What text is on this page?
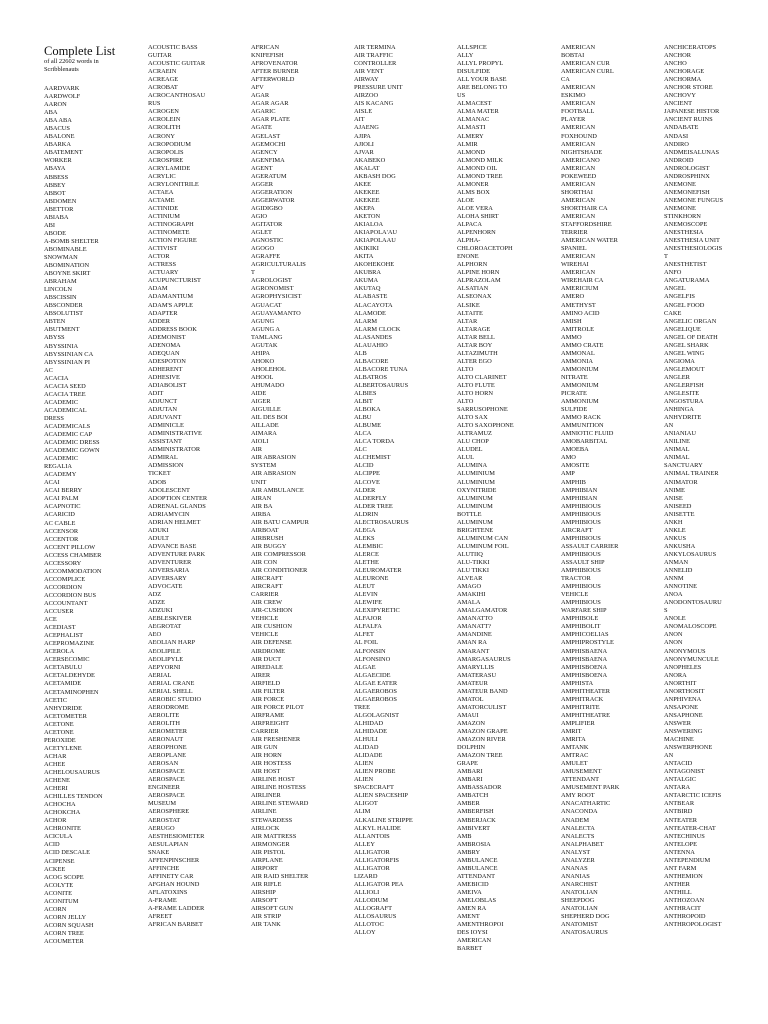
Complete List
of all 22602 words in
Scribblenauts
AARDVARK
AARDWOLF
AARON
ABA
ABA ABA
ABACUS
ABALONE
ABARKA
ABATEMENT
WORKER
ABAYA
ABBESS
ABBEY
ABBOT
ABDOMEN
ABETTOR
ABIABA
ABI
ABODE
A-BOMB SHELTER
ABOMINABLE
SNOWMAN
ABOMINATION
ABOYNE SKIRT
ABRAHAM
LINCOLN
ABSCISSIN
ABSCONDER
ABSOLUTIST
ABTEN
ABUTMENT
ABYSS
ABYSSINIA
ABYSSINIAN CA
ABYSSINIAN PI
AC
ACACIA
ACACIA SEED
ACACIA TREE
ACADEMIC
ACADEMICAL
DRESS
ACADEMICALS
ACADEMIC CAP
ACADEMIC DRESS
ACADEMIC GOWN
ACADEMIC
REGALIA
ACADEMY
ACAI
ACAI BERRY
ACAI PALM
ACAPNOTIC
ACARICID
AC CABLE
ACCENSOR
ACCENTOR
ACCENT PILLOW
ACCESS CHAMBER
ACCESSORY
ACCOMMODATION
ACCOMPLICE
ACCORDION
ACCORDION BUS
ACCOUNTANT
ACCUSER
ACE
ACEDIAST
ACEPHALIST
ACEPROMAZINE
ACEROLA
ACERSECOMIC
ACETABULU
ACETALDEHYDE
ACETAMIDE
ACETAMINOPHEN
ACETIC
ANHYDRIDE
ACETOMETER
ACETONE
ACETONE
PEROXIDE
ACETYLENE
ACHAR
ACHEE
ACHELOUSAURUS
ACHENE
ACHERI
ACHILLES TENDON
ACHOCHA
ACHOKCHA
ACHOR
ACHRONITE
ACICULA
ACID
ACID DESCALE
ACIPENSE
ACKEE
ACOG SCOPE
ACOLYTE
ACONITE
ACONITUM
ACORN
ACORN JELLY
ACORN SQUASH
ACORN TREE
ACOUMETER
ACOUSTIC BASS
GUITAR
ACOUSTIC GUITAR
ACRAEIN
ACREAGE
ACROBAT
ACROCANTHOSAU
RUS
ACROGEN
ACROLEIN
ACROLITH
ACRONY
ACROPODIUM
ACROPOLIS
ACROSPIRE
ACRYLAMIDE
ACRYLIC
ACRYLONITRILE
ACTAEA
ACTAME
ACTINIDE
ACTINIUM
ACTINOGRAPH
ACTINOMETE
ACTION FIGURE
ACTIVIST
ACTOR
ACTRESS
ACTUARY
ACUPUNCTURIST
ADAM
ADAMANTIUM
ADAM'S APPLE
ADAPTER
ADDER
ADDRESS BOOK
ADEMONIST
ADENOMA
ADEQUAN
ADESPOTON
ADHERENT
ADHESIVE
ADIABOLIST
ADIT
ADJUNCT
ADJUTAN
ADJUVANT
ADMINICLE
ADMINISTRATIVE
ASSISTANT
ADMINISTRATOR
ADMIRAL
ADMISSION
TICKET
ADOB
ADOLESCENT
ADOPTION CENTER
ADRENAL GLANDS
ADRIAMYCIN
ADRIAN HELMET
ADUKI
ADULT
ADVANCE BASE
ADVENTURE PARK
ADVENTURER
ADVERSARIA
ADVERSARY
ADVOCATE
ADZ
ADZE
ADZUKI
AEBLESKIVER
AEGROTAT
AEO
AEOLIAN HARP
AEOLIPILE
AEOLIPYLE
AEPYORNI
AERIAL
AERIAL CRANE
AERIAL SHELL
AEROBIC STUDIO
AERODROME
AEROLITE
AEROLITH
AEROMETER
AERONAUT
AEROPHONE
AEROPLANE
AEROSAN
AEROSPACE
AEROSPACE
ENGINEER
AEROSPACE
MUSEUM
AEROSPHERE
AEROSTAT
AERUGO
AESTHESIOMETER
AESULAPIAN
SNAKE
AFFENPINSCHER
AFFINCHE
AFFINETY CAR
AFGHAN HOUND
AFLATOXINS
A-FRAME
A-FRAME LADDER
AFREET
AFRICAN BARBET
AFRICAN
KNIFEFISH
AFROVENATOR
AFTER BURNER
AFTERWORLD
AFV
AGAR
AGAR AGAR
AGARIC
AGAR PLATE
AGATE
AGELAST
AGEMOCHI
AGENCY
AGENFIMA
AGENT
AGERATUM
AGGER
AGGERATION
AGGERWATOR
AGIDIGBO
AGIO
AGITATOR
AGLET
AGNOSTIC
AGOGO
AGRAFFE
AGRICULTURALIS
T
AGROLOGIST
AGRONOMIST
AGROPHYSICIST
AGUACAT
AGUAYAMANTO
AGUNG
AGUNG A
TAMLANG
AGUTAK
AHIPA
AHOKO
AHOLEHOL
AHOOL
AHUMADO
AIDE
AIGER
AIGUILLE
AIL DES BOI
AILLADE
AIMARA
AIOLI
AIR
AIR ABRASION
SYSTEM
AIR ABRASION
UNIT
AIR AMBULANCE
AIRAN
AIR BA
AIRBA
AIR BATU CAMPUR
AIRBOAT
AIRBRUSH
AIR BUGGY
AIR COMPRESSOR
AIR CON
AIR CONDITIONER
AIRCRAFT
AIRCRAFT
CARRIER
AIR CREW
AIR-CUSHION
VEHICLE
AIR CUSHION
VEHICLE
AIR DEFENSE
AIRDROME
AIR DUCT
AIREDALE
AIRER
AIRFIELD
AIR FILTER
AIR FORCE
AIR FORCE PILOT
AIRFRAME
AIRFREIGHT
CARRIER
AIR FRESHENER
AIR GUN
AIR HORN
AIR HOSTESS
AIR HOST
AIRLINE HOST
AIRLINE HOSTESS
AIRLINER
AIRLINE STEWARD
AIRLINE
STEWARDESS
AIRLOCK
AIR MATTRESS
AIRMONGER
AIR PISTOL
AIRPLANE
AIRPORT
AIR RAID SHELTER
AIR RIFLE
AIRSHIP
AIRSOFT
AIRSOFT GUN
AIR STRIP
AIR TANK
AIR TERMINA
AIR TRAFFIC
CONTROLLER
AIR VENT
AIRWAY
PRESSURE UNIT
AIRZOO
AIS KACANG
AISLE
AIT
AJAENG
AJIPA
AJIOLI
AJVAR
AKABEKO
AKALAT
AKBASH DOG
AKEE
AKEKEE
AKEKEE
AKEPA
AKETON
AKIALOA
AKIAPOLA'AU
AKIAPOLAAU
AKIKIKI
AKITA
AKOHEKOHE
AKUBRA
AKUMA
AKUTAQ
ALABASTE
ALACAYOTA
ALAMODE
ALARM
ALARM CLOCK
ALASANDES
ALAUAHIO
ALB
ALBACORE
ALBACORE TUNA
ALBATROS
ALBERTOSAURUS
ALBIES
ALBIT
ALBOKA
ALBU
ALBUME
ALCA
ALCA TORDA
ALC
ALCHEMIST
ALCID
ALCIPPE
ALCOVE
ALDER
ALDERFLY
ALDER TREE
ALDRIN
ALECTROSAURUS
ALEGA
ALEKS
ALEMBIC
ALERCE
ALETHE
ALEUROMATER
ALEURONE
ALEUT
ALEVIN
ALEWIFE
ALEXIPYRETIC
ALFAJOR
ALFALFA
ALFET
AL FOIL
ALFONSIN
ALFONSINO
ALGAE
ALGAECIDE
ALGAE EATER
ALGAEROBOS
ALGAEROBOS
TREE
ALGOLAGNIST
ALHIDAD
ALHIDADE
ALHULI
ALIDAD
ALIDADE
ALIEN
ALIEN PROBE
ALIEN
SPACECRAFT
ALIEN SPACESHIP
ALIGOT
ALIM
ALKALINE STRIPPE
ALKYL HALIDE
ALLANTOIS
ALLEY
ALLIGATOR
ALLIGATORFIS
ALLIGATOR
LIZARD
ALLIGATOR PEA
ALLIOLI
ALLODIUM
ALLOGRAFT
ALLOSAURUS
ALLOTOC
ALLOY
ALLSPICE
ALLY
ALLYL PROPYL
DISULFIDE
ALL YOUR BASE
ARE BELONG TO
US
ALMACEST
ALMA MATER
ALMANAC
ALMASTI
ALMERY
ALMIR
ALMOND
ALMOND MILK
ALMOND OIL
ALMOND TREE
ALMONER
ALMS BOX
ALOE
ALOE VERA
ALOHA SHIRT
ALPACA
ALPENHORN
ALPHA-
CHLOROACETOPH
ENONE
ALPHORN
ALPINE HORN
ALPRAZOLAM
ALSATIAN
ALSEONAX
ALSIKE
ALTAITE
ALTAR
ALTARAGE
ALTAR BELL
ALTAR BOY
ALTAZIMUTH
ALTER EGO
ALTO
ALTO CLARINET
ALTO FLUTE
ALTO HORN
ALTO
SARRUSOPHONE
ALTO SAX
ALTO SAXOPHONE
ALTRAMUZ
ALU CHOP
ALUDEL
ALUL
ALUMINA
ALUMINIUM
ALUMINIUM
OXYNITRIDE
ALUMINUM
ALUMINUM
BOTTLE
ALUMINUM
BRIGHTENE
ALUMINUM CAN
ALUMINUM FOIL
ALUTIIQ
ALU-TIKKI
ALU TIKKI
ALVEAR
AMAGO
AMAKIHI
AMALA
AMALGAMATOR
AMANATTO
AMANATT?
AMANDINE
AMAN RA
AMARANT
AMARGASAURUS
AMARYLLIS
AMATERASU
AMATEUR
AMATEUR BAND
AMATOL
AMATORCULIST
AMAUI
AMAZON
AMAZON GRAPE
AMAZON RIVER
DOLPHIN
AMAZON TREE
GRAPE
AMBARI
AMBARI
AMBASSADOR
AMBATCH
AMBER
AMBERFISH
AMBERJACK
AMBIVERT
AMB
AMBROSIA
AMBRY
AMBULANCE
AMBULANCE
ATTENDANT
AMEBICID
AMEIVA
AMELOBLAS
AMEN RA
AMENT
AMENTHROPOI
DES IOYSI
AMERICAN
BARBET
AMERICAN
BOBTAI
AMERICAN CUR
AMERICAN CURL
CA
AMERICAN
ESKIMO
AMERICAN
FOOTBALL
PLAYER
AMERICAN
FOXHOUND
AMERICAN
NIGHTSHADE
AMERICANO
AMERICAN
POKEWEED
AMERICAN
SHORTHAI
AMERICAN
SHORTHAIR CA
AMERICAN
STAFFORDSHIRE
TERRIER
AMERICAN WATER
SPANIEL
AMERICAN
WIREHAI
AMERICAN
WIREHAIR CA
AMERICIUM
AMERO
AMETHYST
AMINO ACID
AMISH
AMITROLE
AMMO
AMMO CRATE
AMMONAL
AMMONIA
AMMONIUM
NITRATE
AMMONIUM
PICRATE
AMMONIUM
SULFIDE
AMMO RACK
AMMUNITION
AMNIOTIC FLUID
AMOBARBITAL
AMOEBA
AMO
AMOSITE
AMP
AMPHIB
AMPHIBIAN
AMPHIBIAN
AMPHIBIOUS
AMPHIBIOUS
AMPHIBIOUS
AIRCRAFT
AMPHIBIOUS
ASSAULT CARRIER
AMPHIBIOUS
ASSAULT SHIP
AMPHIBIOUS
TRACTOR
AMPHIBIOUS
VEHICLE
AMPHIBIOUS
WARFARE SHIP
AMPHIBOLE
AMPHIBOLIT
AMPHICOELIAS
AMPHIPROSTYLE
AMPHISBAENA
AMPHISBAENA
AMPHISBOENA
AMPHISBOENA
AMPHISTA
AMPHITHEATER
AMPHITRACK
AMPHITRITE
AMPHITHEATRE
AMPLIFIER
AMRIT
AMRITA
AMTANK
AMTRAC
AMULET
AMUSEMENT
ATTENDANT
AMUSEMENT PARK
AMY ROOT
ANACATHARTIC
ANACONDA
ANADEM
ANALECTA
ANALECTS
ANALPHABET
ANALYST
ANALYZER
ANANAS
ANANIAS
ANARCHIST
ANATOLIAN
SHEEPDOG
ANATOLIAN
SHEPHERD DOG
ANATOMIST
ANATOSAURUS
ANCHICERATOPS
ANCHOR
ANCHO
ANCHORAGE
ANCHORMA
ANCHOR STORE
ANCHOVY
ANCIENT
JAPANESE HISTOR
ANCIENT RUINS
ANDABATE
ANDASI
ANDIRO
ANDMEISALUNAS
ANDROID
ANDROLOGIST
ANDROSPHINX
ANEMONE
ANEMONEFISH
ANEMONE FUNGUS
ANEMONE
STINKHORN
ANEMOSCOPE
ANESTHESIA
ANESTHESIA UNIT
ANESTHESIOLOGIS
T
ANESTHETIST
ANFO
ANGATURAMA
ANGEL
ANGELFIS
ANGEL FOOD
CAKE
ANGELIC ORGAN
ANGELIQUE
ANGEL OF DEATH
ANGEL SHARK
ANGEL WING
ANGIOMA
ANGLEMOUT
ANGLER
ANGLERFISH
ANGLESITE
ANGOSTURA
ANHINGA
ANHYDRITE
AN
ANIANIAU
ANILINE
ANIMAL
ANIMAL
SANCTUARY
ANIMAL TRAINER
ANIMATOR
ANIME
ANISE
ANISEED
ANISETTE
ANKH
ANKLE
ANKUS
ANKUSHA
ANKYLOSAURUS
ANMAN
ANNELID
ANNM
ANNOTINE
ANOA
ANODONTOSAURU
S
ANOLE
ANOMALOSCOPE
ANON
ANON
ANONYMOUS
ANONYMUNCULE
ANOPHELES
ANORA
ANORTHIT
ANORTHOSIT
ANPHIVENA
ANSAPONE
ANSAPHONE
ANSWER
ANSWERING
MACHINE
ANSWERPHONE
AN
ANTACID
ANTAGONIST
ANTALGIC
ANTARA
ANTARCTIC ICEFIS
ANTBEAR
ANTBIRD
ANTEATER
ANTEATER-CHAT
ANTECHINUS
ANTELOPE
ANTENNA
ANTEPENDIUM
ANT FARM
ANTHEMION
ANTHER
ANTHILL
ANTHOZOAN
ANTHRACIT
ANTHROPOID
ANTHROPOLOGIST
